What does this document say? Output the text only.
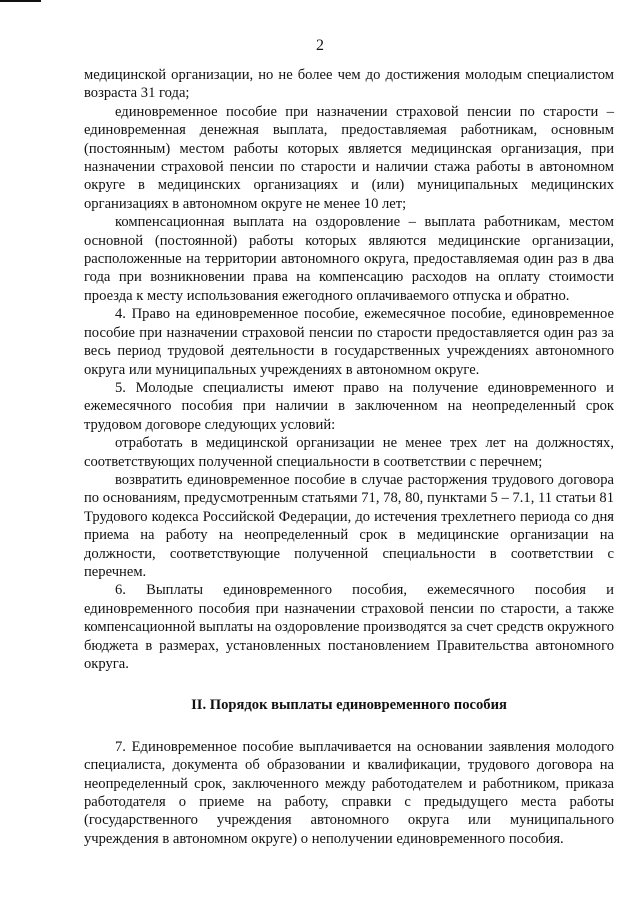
2

медицинской организации, но не более чем до достижения молодым специалистом возраста 31 года;

единовременное пособие при назначении страховой пенсии по старости – единовременная денежная выплата, предоставляемая работникам, основным (постоянным) местом работы которых является медицинская организация, при назначении страховой пенсии по старости и наличии стажа работы в автономном округе в медицинских организациях и (или) муниципальных медицинских организациях в автономном округе не менее 10 лет;

компенсационная выплата на оздоровление – выплата работникам, местом основной (постоянной) работы которых являются медицинские организации, расположенные на территории автономного округа, предоставляемая один раз в два года при возникновении права на компенсацию расходов на оплату стоимости проезда к месту использования ежегодного оплачиваемого отпуска и обратно.

4. Право на единовременное пособие, ежемесячное пособие, единовременное пособие при назначении страховой пенсии по старости предоставляется один раз за весь период трудовой деятельности в государственных учреждениях автономного округа или муниципальных учреждениях в автономном округе.

5. Молодые специалисты имеют право на получение единовременного и ежемесячного пособия при наличии в заключенном на неопределенный срок трудовом договоре следующих условий:

отработать в медицинской организации не менее трех лет на должностях, соответствующих полученной специальности в соответствии с перечнем;

возвратить единовременное пособие в случае расторжения трудового договора по основаниям, предусмотренным статьями 71, 78, 80, пунктами 5 – 7.1, 11 статьи 81 Трудового кодекса Российской Федерации, до истечения трехлетнего периода со дня приема на работу на неопределенный срок в медицинские организации на должности, соответствующие полученной специальности в соответствии с перечнем.

6. Выплаты единовременного пособия, ежемесячного пособия и единовременного пособия при назначении страховой пенсии по старости, а также компенсационной выплаты на оздоровление производятся за счет средств окружного бюджета в размерах, установленных постановлением Правительства автономного округа.

II. Порядок выплаты единовременного пособия

7. Единовременное пособие выплачивается на основании заявления молодого специалиста, документа об образовании и квалификации, трудового договора на неопределенный срок, заключенного между работодателем и работником, приказа работодателя о приеме на работу, справки с предыдущего места работы (государственного учреждения автономного округа или муниципального учреждения в автономном округе) о неполучении единовременного пособия.
